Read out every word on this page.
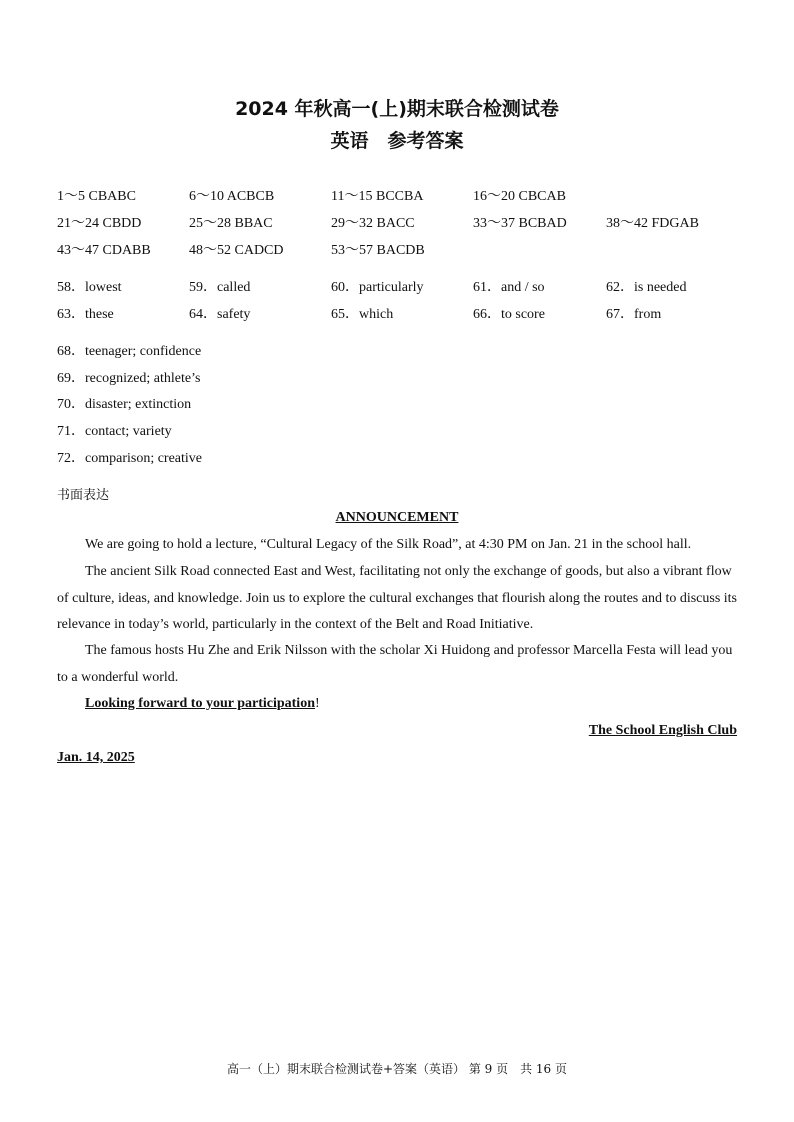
2024 年秋高一(上)期末联合检测试卷
英语　参考答案
1～5 CBABC	6～10 ACBCB	11～15 BCCBA	16～20 CBCAB
21～24 CBDD	25～28 BBAC	29～32 BACC	33～37 BCBAD	38～42 FDGAB
43～47 CDABB	48～52 CADCD	53～57 BACDB
58．lowest	59．called	60．particularly	61．and / so	62．is needed
63．these	64．safety	65．which	66．to score	67．from
68．teenager; confidence
69．recognized; athlete’s
70．disaster; extinction
71．contact; variety
72．comparison; creative
书面表达
ANNOUNCEMENT

We are going to hold a lecture, “Cultural Legacy of the Silk Road”, at 4:30 PM on Jan. 21 in the school hall.

The ancient Silk Road connected East and West, facilitating not only the exchange of goods, but also a vibrant flow of culture, ideas, and knowledge. Join us to explore the cultural exchanges that flourish along the routes and to discuss its relevance in today’s world, particularly in the context of the Belt and Road Initiative.

The famous hosts Hu Zhe and Erik Nilsson with the scholar Xi Huidong and professor Marcella Festa will lead you to a wonderful world.

Looking forward to your participation!

The School English Club
Jan. 14, 2025
高一（上）期末联合检测试卷+答案（英语） 第 9 页　共 16 页
